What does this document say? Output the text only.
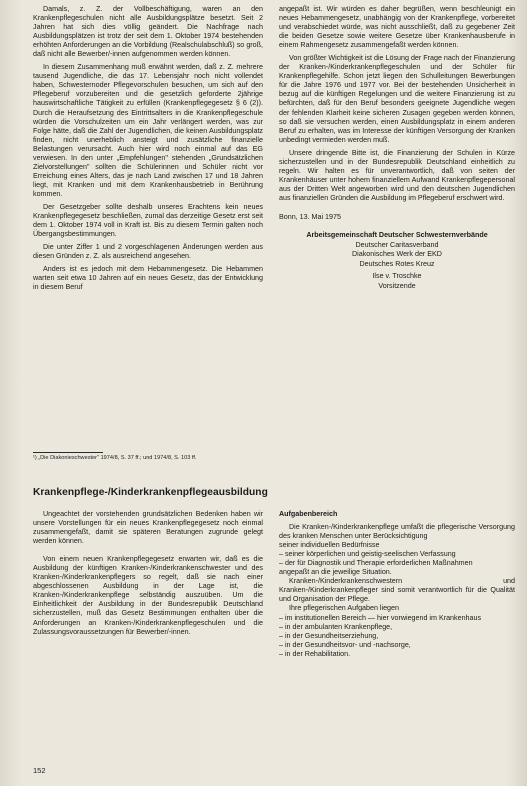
Damals, z. Z. der Vollbeschäftigung, waren an den Krankenpflegeschulen nicht alle Ausbildungsplätze besetzt. Seit 2 Jahren hat sich dies völlig geändert. Die Nachfrage nach Ausbildungsplätzen ist trotz der seit dem 1. Oktober 1974 bestehenden erhöhten Anforderungen an die Vorbildung (Realschulabschluß) so groß, daß nicht alle Bewerber/-innen aufgenommen werden können.

In diesem Zusammenhang muß erwähnt werden, daß z. Z. mehrere tausend Jugendliche, die das 17. Lebensjahr noch nicht vollendet haben, Schwesternoder Pflegevorschulen besuchen, um sich auf den Pflegeberuf vorzubereiten und die gesetzlich geforderte 2jährige hauswirtschaftliche Tätigkeit zu erfüllen (Krankenpflegegesetz § 6 (2)). Durch die Heraufsetzung des Eintrittsalters in die Krankenpflegeschule würden die Vorschulzeiten um ein Jahr verlängert werden, was zur Folge hätte, daß die Zahl der Jugendlichen, die keinen Ausbildungsplatz finden, nicht unerheblich ansteigt und zusätzliche finanzielle Belastungen verursacht. Auch hier wird noch einmal auf das EG verwiesen. In den unter „Empfehlungen" stehenden „Grundsätzlichen Zielvorstellungen" sollten die Schülerinnen und Schüler nicht vor Erreichung eines Alters, das je nach Land zwischen 17 und 18 Jahren liegt, mit Kranken und mit dem Krankenhausbetrieb in Berührung kommen.

Der Gesetzgeber sollte deshalb unseres Erachtens kein neues Krankenpflegegesetz beschließen, zumal das derzeitige Gesetz erst seit dem 1. Oktober 1974 voll in Kraft ist. Bis zu diesem Termin galten noch Übergangsbestimmungen.

Die unter Ziffer 1 und 2 vorgeschlagenen Änderungen werden aus diesen Gründen z. Z. als ausreichend angesehen.

Anders ist es jedoch mit dem Hebammengesetz. Die Hebammen warten seit etwa 10 Jahren auf ein neues Gesetz, das der Entwicklung in diesem Beruf

angepaßt ist. Wir würden es daher begrüßen, wenn beschleunigt ein neues Hebammengesetz, unabhängig von der Krankenpflege, vorbereitet und verabschiedet würde, was nicht ausschließt, daß zu gegebener Zeit die beiden Gesetze sowie weitere Gesetze über Krankenhausberufe in einem Rahmengesetz zusammengefaßt werden können.

Von größter Wichtigkeit ist die Lösung der Frage nach der Finanzierung der Kranken-/Kinderkrankenpflegeschulen und der Schüler für Krankenpflegehilfe. Schon jetzt liegen den Schulleitungen Bewerbungen für die Jahre 1976 und 1977 vor. Bei der bestehenden Unsicherheit in bezug auf die künftigen Regelungen und die weitere Finanzierung ist zu befürchten, daß für den Beruf besonders geeignete Jugendliche wegen der fehlenden Klarheit keine sicheren Zusagen gegeben werden können, so daß sie versuchen werden, einen Ausbildungsplatz in einem anderen Beruf zu erhalten, was im Interesse der künftigen Versorgung der Kranken unbedingt vermieden werden muß.

Unsere dringende Bitte ist, die Finanzierung der Schulen in Kürze sicherzustellen und in der Bundesrepublik Deutschland einheitlich zu regeln. Wir halten es für unverantwortlich, daß von seiten der Krankenhäuser unter hohem finanziellem Aufwand Krankenpflegepersonal aus der Dritten Welt angeworben wird und den deutschen Jugendlichen aus finanziellen Gründen die Ausbildung im Pflegeberuf erschwert wird.

Bonn, 13. Mai 1975

Arbeitsgemeinschaft Deutscher Schwesternverbände
Deutscher Caritasverband
Diakonisches Werk der EKD
Deutsches Rotes Kreuz
Ilse v. Troschke
Vorsitzende
¹) „Die Diakonieschwester" 1974/8, S. 37 ff.; und 1974/8, S. 103 ff.
Krankenpflege-/Kinderkrankenpflegeausbildung

Ungeachtet der vorstehenden grundsätzlichen Bedenken haben wir unsere Vorstellungen für ein neues Krankenpflegegesetz noch einmal zusammengefaßt, damit sie späteren Beratungen zugrunde gelegt werden können.

Von einem neuen Krankenpflegegesetz erwarten wir, daß es die Ausbildung der künftigen Kranken-/Kinderkrankenschwester und des Kranken-/Kinderkrankenpflegers so regelt, daß sie nach einer abgeschlossenen Ausbildung in der Lage ist, die Kranken-/Kinderkrankenpflege selbständig auszuüben. Um die Einheitlichkeit der Ausbildung in der Bundesrepublik Deutschland sicherzustellen, muß das Gesetz Bestimmungen enthalten über die Anforderungen an Kranken-/Kinderkrankenpflegeschulen und die Zulassungsvoraussetzungen für Bewerber/-innen.

Aufgabenbereich

Die Kranken-/Kinderkrankenpflege umfaßt die pflegerische Versorgung des kranken Menschen unter Berücksichtigung

seiner individuellen Bedürfnisse
– seiner körperlichen und geistig-seelischen Verfassung
– der für Diagnostik und Therapie erforderlichen Maßnahmen
angepaßt an die jeweilige Situation.

Kranken-/Kinderkrankenschwestern und Kranken-/Kinderkrankenpfleger sind somit verantwortlich für die Qualität und Organisation der Pflege.

Ihre pflegerischen Aufgaben liegen

– im institutionellen Bereich — hier vorwiegend im Krankenhaus
– in der ambulanten Krankenpflege,
– in der Gesundheitserziehung,
– in der Gesundheitsvor- und -nachsorge,
– in der Rehabilitation.
152
